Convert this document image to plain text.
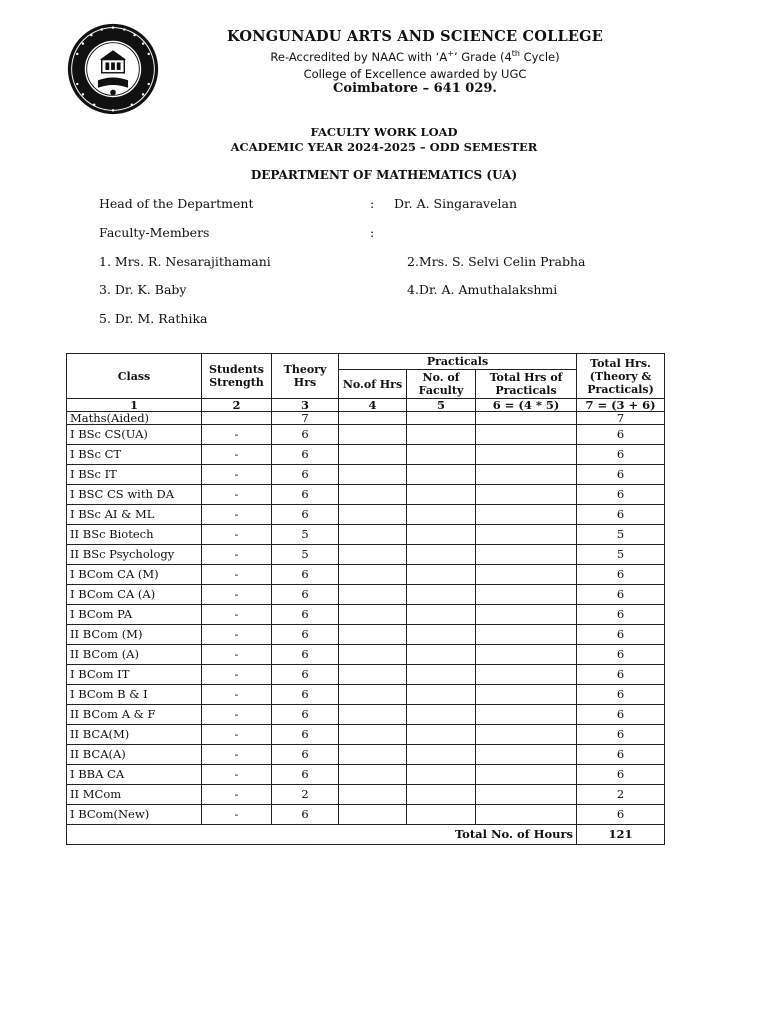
KONGUNADU ARTS AND SCIENCE COLLEGE
Re-Accredited by NAAC with ‘A+’ Grade (4th Cycle)
College of Excellence awarded by UGC
Coimbatore – 641 029.
FACULTY WORK LOAD
ACADEMIC YEAR 2024-2025 – ODD SEMESTER
DEPARTMENT OF MATHEMATICS (UA)
Head of the Department	: Dr. A. Singaravelan
Faculty-Members	:
1. Mrs. R. Nesarajithamani	2.Mrs. S. Selvi Celin Prabha
3. Dr. K. Baby	4.Dr. A. Amuthalakshmi
5. Dr. M. Rathika
Class	Students Strength	Theory Hrs	Practicals			Total Hrs. (Theory & Practicals)
			No.of Hrs	No. of Faculty	Total Hrs of Practicals	
1	2	3	4	5	6 = (4 * 5)	7 = (3 + 6)
Maths(Aided)		7				7
I BSc CS(UA)	-	6				6
I BSc CT	-	6				6
I BSc IT	-	6				6
I BSC CS with DA	-	6				6
I BSc AI & ML	-	6				6
II BSc Biotech	-	5				5
II BSc Psychology	-	5				5
I BCom CA (M)	-	6				6
I BCom CA (A)	-	6				6
I BCom PA	-	6				6
II BCom (M)	-	6				6
II BCom (A)	-	6				6
I BCom IT	-	6				6
I BCom B & I	-	6				6
II BCom A & F	-	6				6
II BCA(M)	-	6				6
II BCA(A)	-	6				6
I BBA CA	-	6				6
II MCom	-	2				2
I BCom(New)	-	6				6
Total No. of Hours						121
